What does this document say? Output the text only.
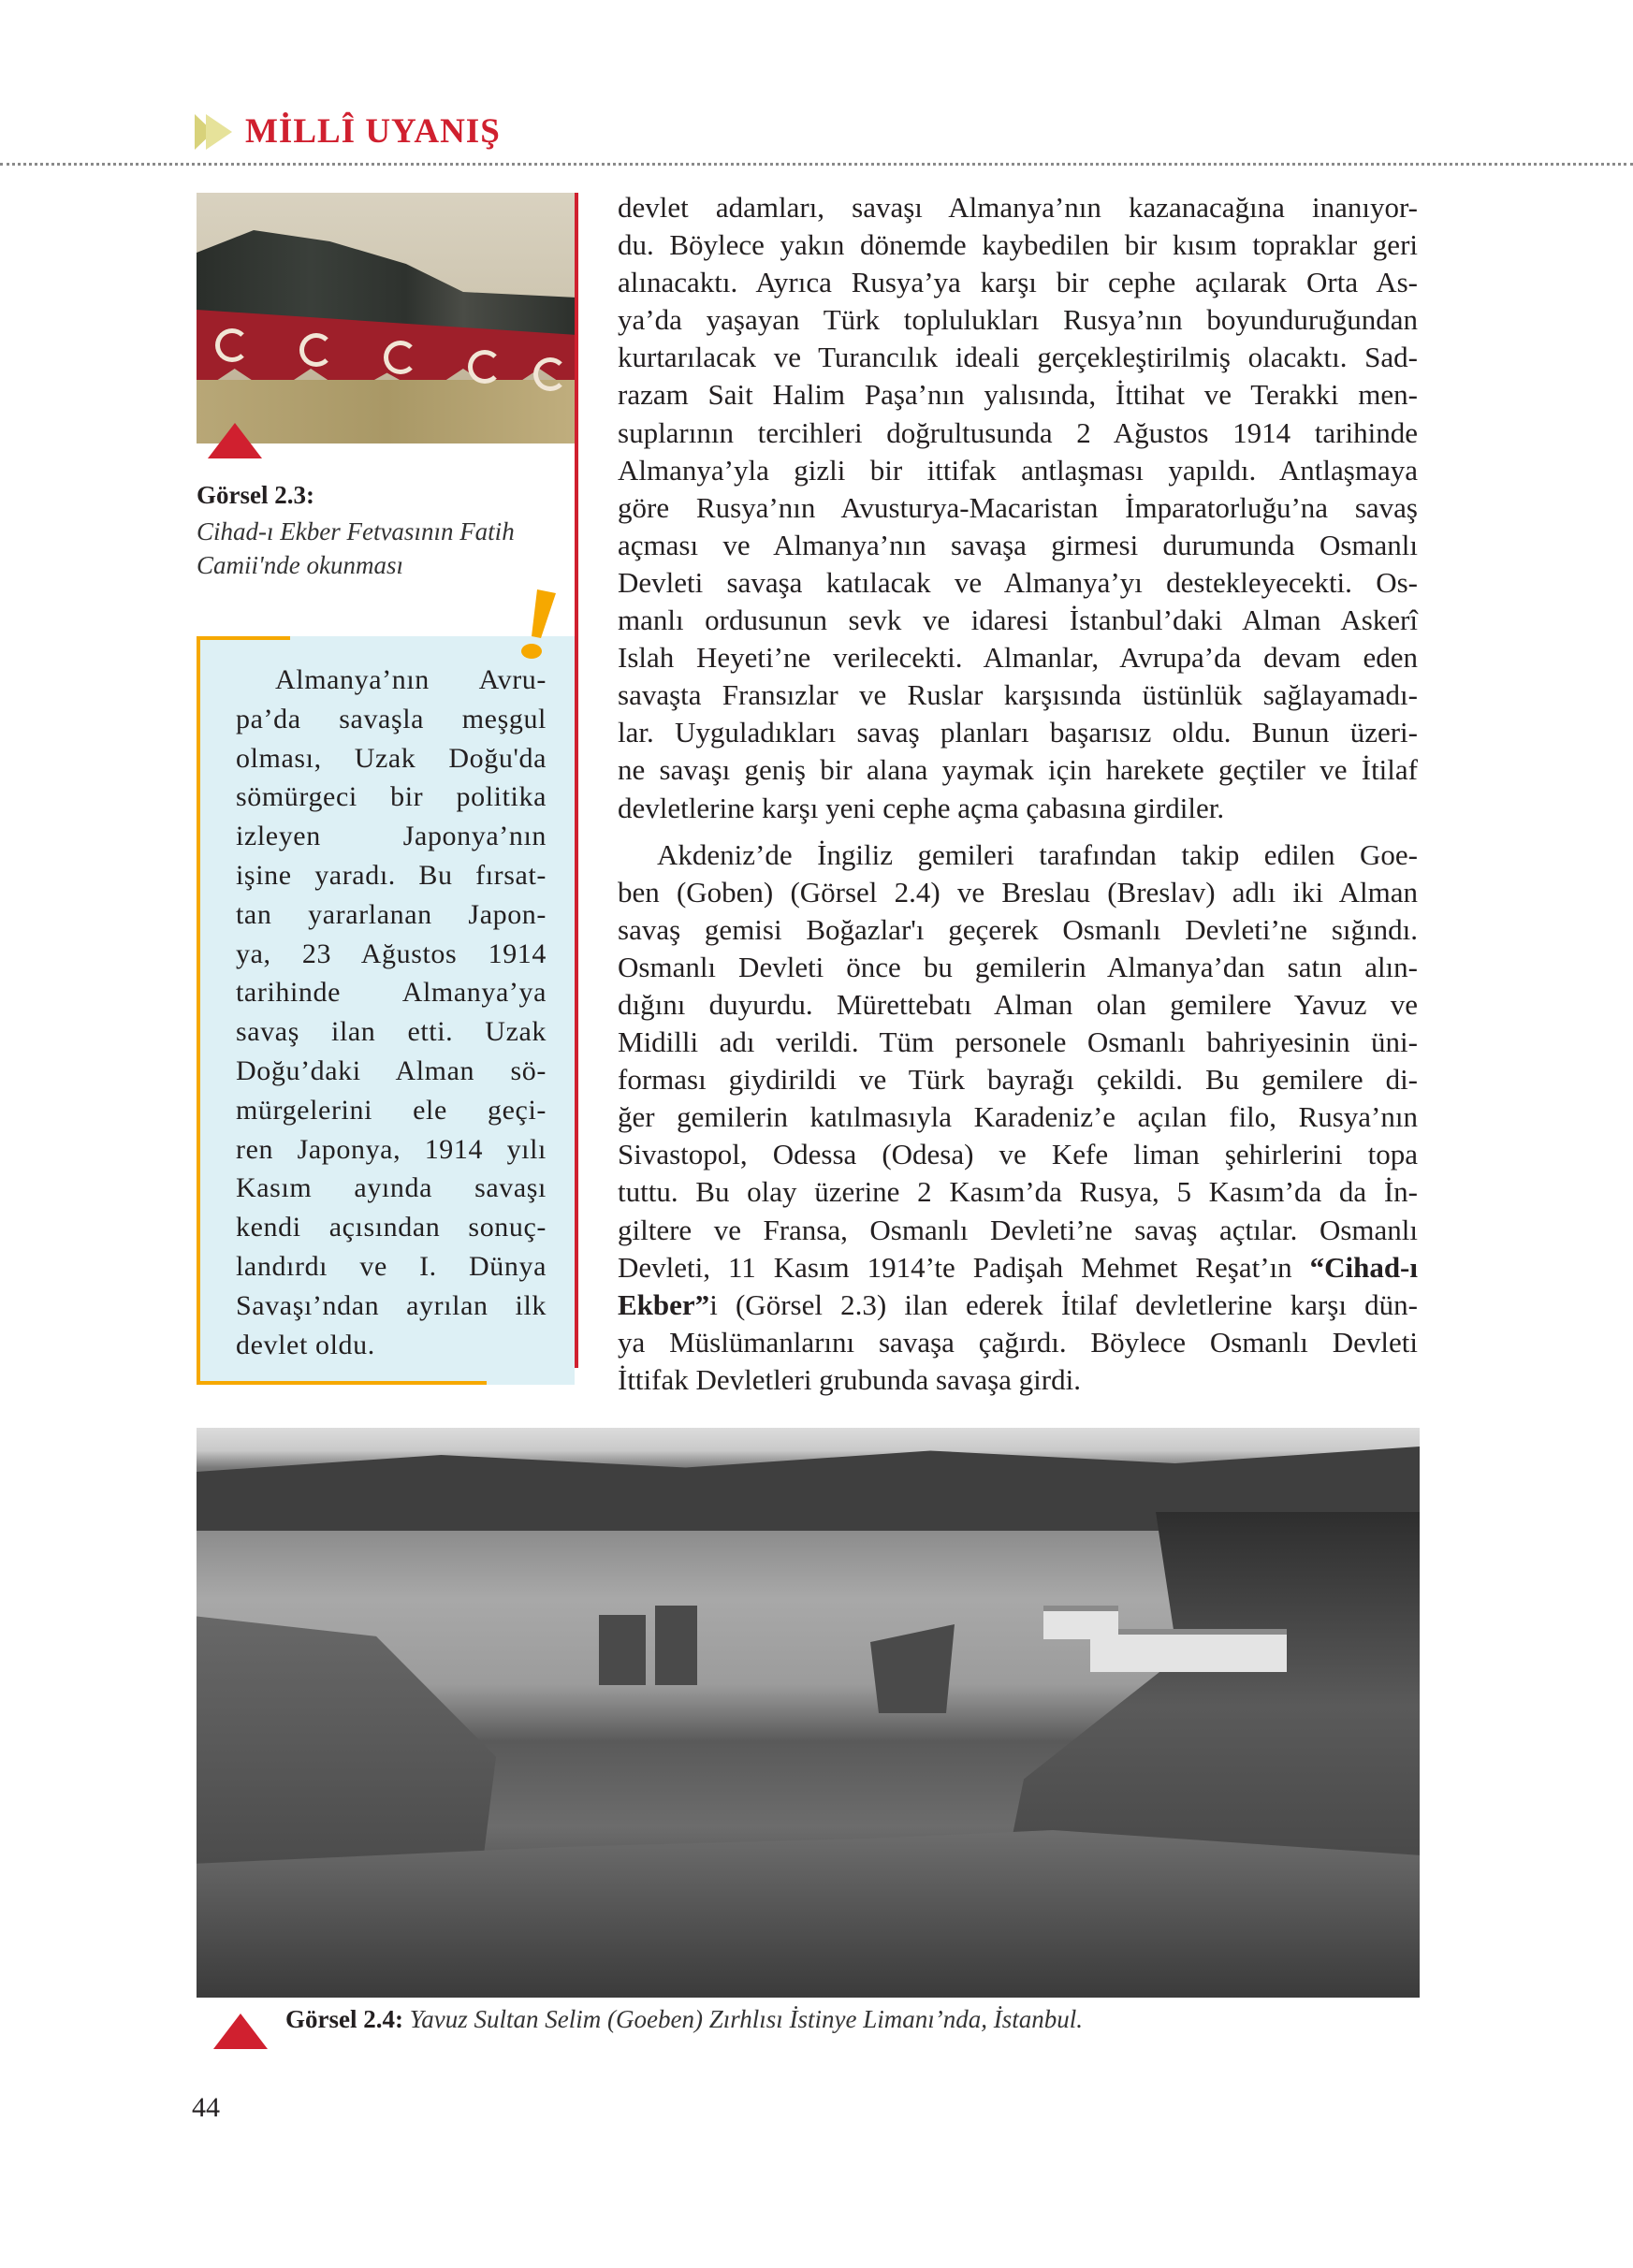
MİLLÎ UYANIŞ
Görsel 2.3:
Cihad-ı Ekber Fetvasının Fatih
Camii'nde okunması
Almanya’nın Avru-
pa’da savaşla meşgul
olması, Uzak Doğu'da
sömürgeci bir politika
izleyen Japonya’nın
işine yaradı. Bu fırsat-
tan yararlanan Japon-
ya, 23 Ağustos 1914
tarihinde Almanya’ya
savaş ilan etti. Uzak
Doğu’daki Alman sö-
mürgelerini ele geçi-
ren Japonya, 1914 yılı
Kasım ayında savaşı
kendi açısından sonuç-
landırdı ve I. Dünya
Savaşı’ndan ayrılan ilk
devlet oldu.
devlet adamları, savaşı Almanya’nın kazanacağına inanıyor-
du. Böylece yakın dönemde kaybedilen bir kısım topraklar geri
alınacaktı. Ayrıca Rusya’ya karşı bir cephe açılarak Orta As-
ya’da yaşayan Türk toplulukları Rusya’nın boyunduruğundan
kurtarılacak ve Turancılık ideali gerçekleştirilmiş olacaktı. Sad-
razam Sait Halim Paşa’nın yalısında, İttihat ve Terakki men-
suplarının tercihleri doğrultusunda 2 Ağustos 1914 tarihinde
Almanya’yla gizli bir ittifak antlaşması yapıldı. Antlaşmaya
göre Rusya’nın Avusturya-Macaristan İmparatorluğu’na savaş
açması ve Almanya’nın savaşa girmesi durumunda Osmanlı
Devleti savaşa katılacak ve Almanya’yı destekleyecekti. Os-
manlı ordusunun sevk ve idaresi İstanbul’daki Alman Askerî
Islah Heyeti’ne verilecekti. Almanlar, Avrupa’da devam eden
savaşta Fransızlar ve Ruslar karşısında üstünlük sağlayamadı-
lar. Uyguladıkları savaş planları başarısız oldu. Bunun üzeri-
ne savaşı geniş bir alana yaymak için harekete geçtiler ve İtilaf
devletlerine karşı yeni cephe açma çabasına girdiler.
Akdeniz’de İngiliz gemileri tarafından takip edilen Goe-
ben (Goben) (Görsel 2.4) ve Breslau (Breslav) adlı iki Alman
savaş gemisi Boğazlar'ı geçerek Osmanlı Devleti’ne sığındı.
Osmanlı Devleti önce bu gemilerin Almanya’dan satın alın-
dığını duyurdu. Mürettebatı Alman olan gemilere Yavuz ve
Midilli adı verildi. Tüm personele Osmanlı bahriyesinin üni-
forması giydirildi ve Türk bayrağı çekildi. Bu gemilere di-
ğer gemilerin katılmasıyla Karadeniz’e açılan filo, Rusya’nın
Sivastopol, Odessa (Odesa) ve Kefe liman şehirlerini topa
tuttu. Bu olay üzerine 2 Kasım’da Rusya, 5 Kasım’da da İn-
giltere ve Fransa, Osmanlı Devleti’ne savaş açtılar. Osmanlı
Devleti, 11 Kasım 1914’te Padişah Mehmet Reşat’ın “Cihad-ı
Ekber”i (Görsel 2.3) ilan ederek İtilaf devletlerine karşı dün-
ya Müslümanlarını savaşa çağırdı. Böylece Osmanlı Devleti
İttifak Devletleri grubunda savaşa girdi.
Görsel 2.4: Yavuz Sultan Selim (Goeben) Zırhlısı İstinye Limanı’nda, İstanbul.
44
